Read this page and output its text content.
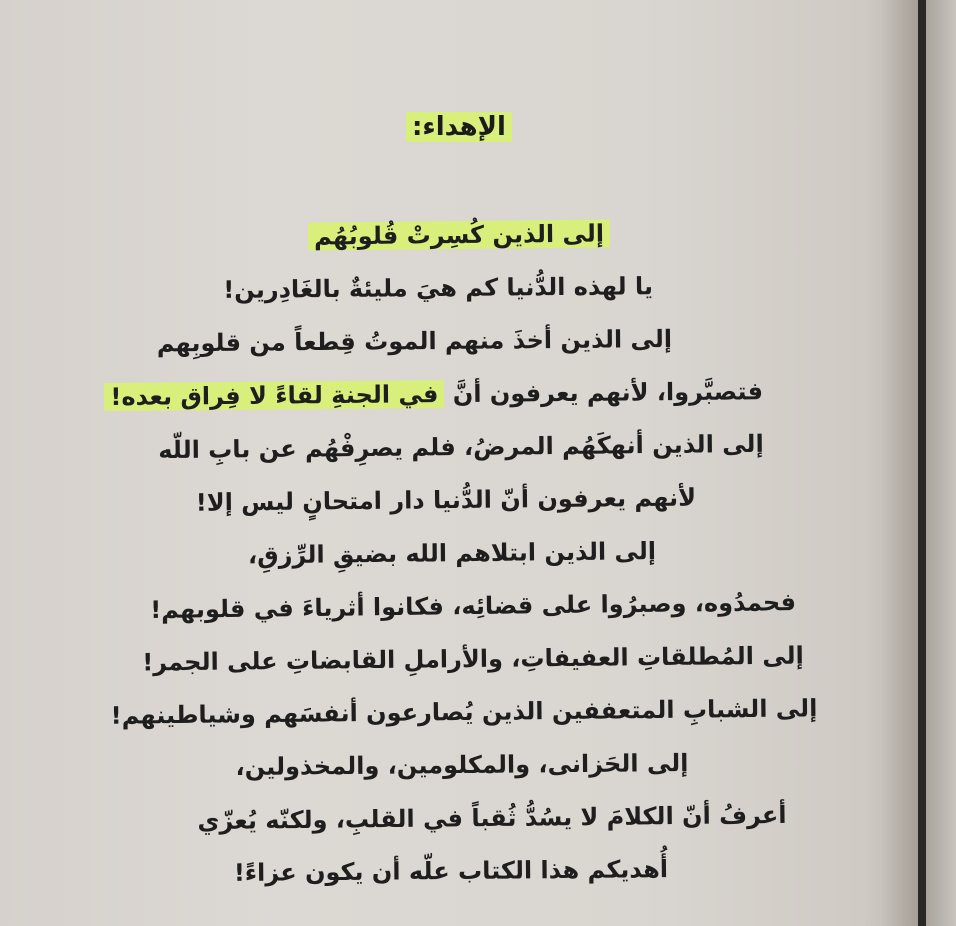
الإهداء:
إلى الذين كُسِرتْ قُلوبُهُم
يا لهذه الدُّنيا كم هيَ مليئةٌ بالغَادِرين!
إلى الذين أخذَ منهم الموتُ قِطعاً من قلوبِهم
فتصبَّروا، لأنهم يعرفون أنَّ في الجنةِ لقاءً لا فِراق بعده!
إلى الذين أنهكَهُم المرضُ، فلم يصرِفْهُم عن بابِ اللّه
لأنهم يعرفون أنّ الدُّنيا دار امتحانٍ ليس إلا!
إلى الذين ابتلاهم الله بضيقِ الرِّزقِ،
فحمدُوه، وصبرُوا على قضائِه، فكانوا أثرياءَ في قلوبهم!
إلى المُطلقاتِ العفيفاتِ، والأراملِ القابضاتِ على الجمر!
إلى الشبابِ المتعففين الذين يُصارعون أنفسَهم وشياطينهم!
إلى الحَزانى، والمكلومين، والمخذولين،
أعرفُ أنّ الكلامَ لا يسُدُّ ثُقباً في القلبِ، ولكنّه يُعزّي
أُهديكم هذا الكتاب علّه أن يكون عزاءً!
